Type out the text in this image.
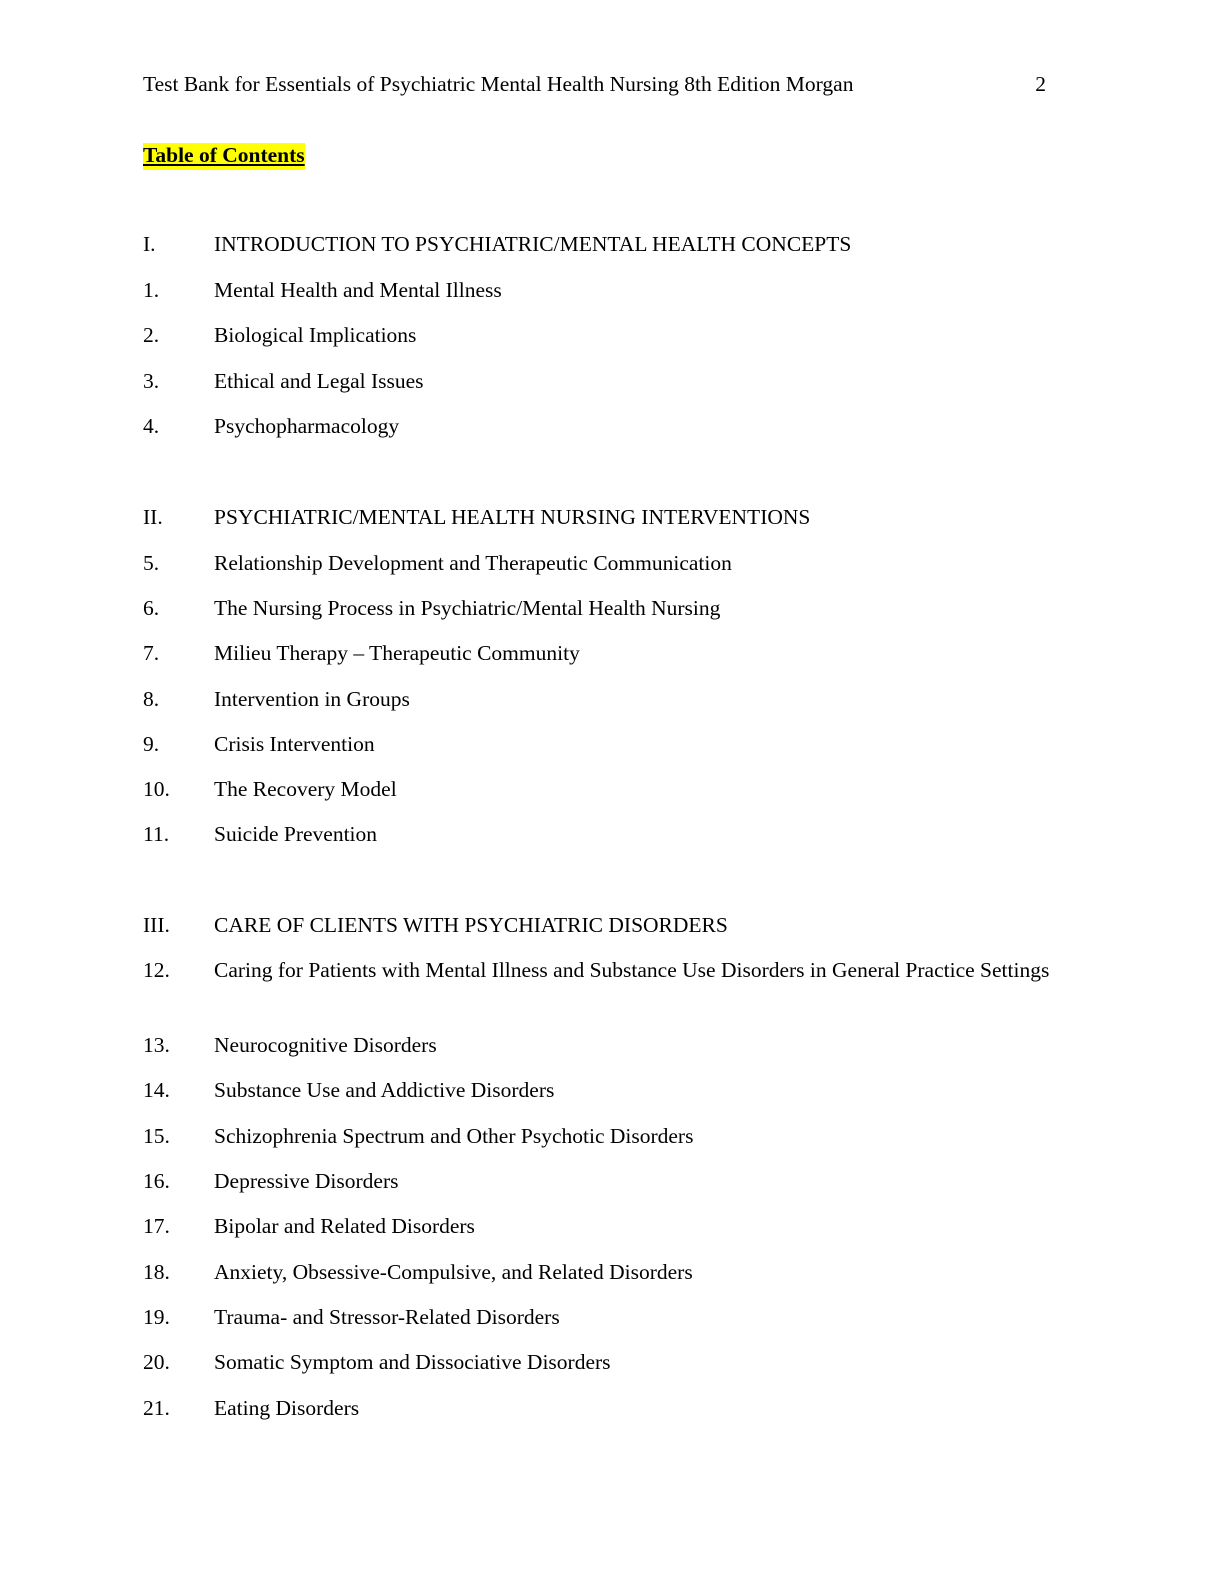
Test Bank for Essentials of Psychiatric Mental Health Nursing 8th Edition Morgan	2
Table of Contents
I.	INTRODUCTION TO PSYCHIATRIC/MENTAL HEALTH CONCEPTS
1.	Mental Health and Mental Illness
2.	Biological Implications
3.	Ethical and Legal Issues
4.	Psychopharmacology
II. PSYCHIATRIC/MENTAL HEALTH NURSING INTERVENTIONS
5.	Relationship Development and Therapeutic Communication
6.	The Nursing Process in Psychiatric/Mental Health Nursing
7.	Milieu Therapy – Therapeutic Community
8.	Intervention in Groups
9.	Crisis Intervention
10. The Recovery Model
11. Suicide Prevention
III. CARE OF CLIENTS WITH PSYCHIATRIC DISORDERS
12.	Caring for Patients with Mental Illness and Substance Use Disorders in General Practice Settings
13. Neurocognitive Disorders
14. Substance Use and Addictive Disorders
15. Schizophrenia Spectrum and Other Psychotic Disorders
16. Depressive Disorders
17. Bipolar and Related Disorders
18. Anxiety, Obsessive-Compulsive, and Related Disorders
19. Trauma- and Stressor-Related Disorders
20. Somatic Symptom and Dissociative Disorders
21. Eating Disorders
